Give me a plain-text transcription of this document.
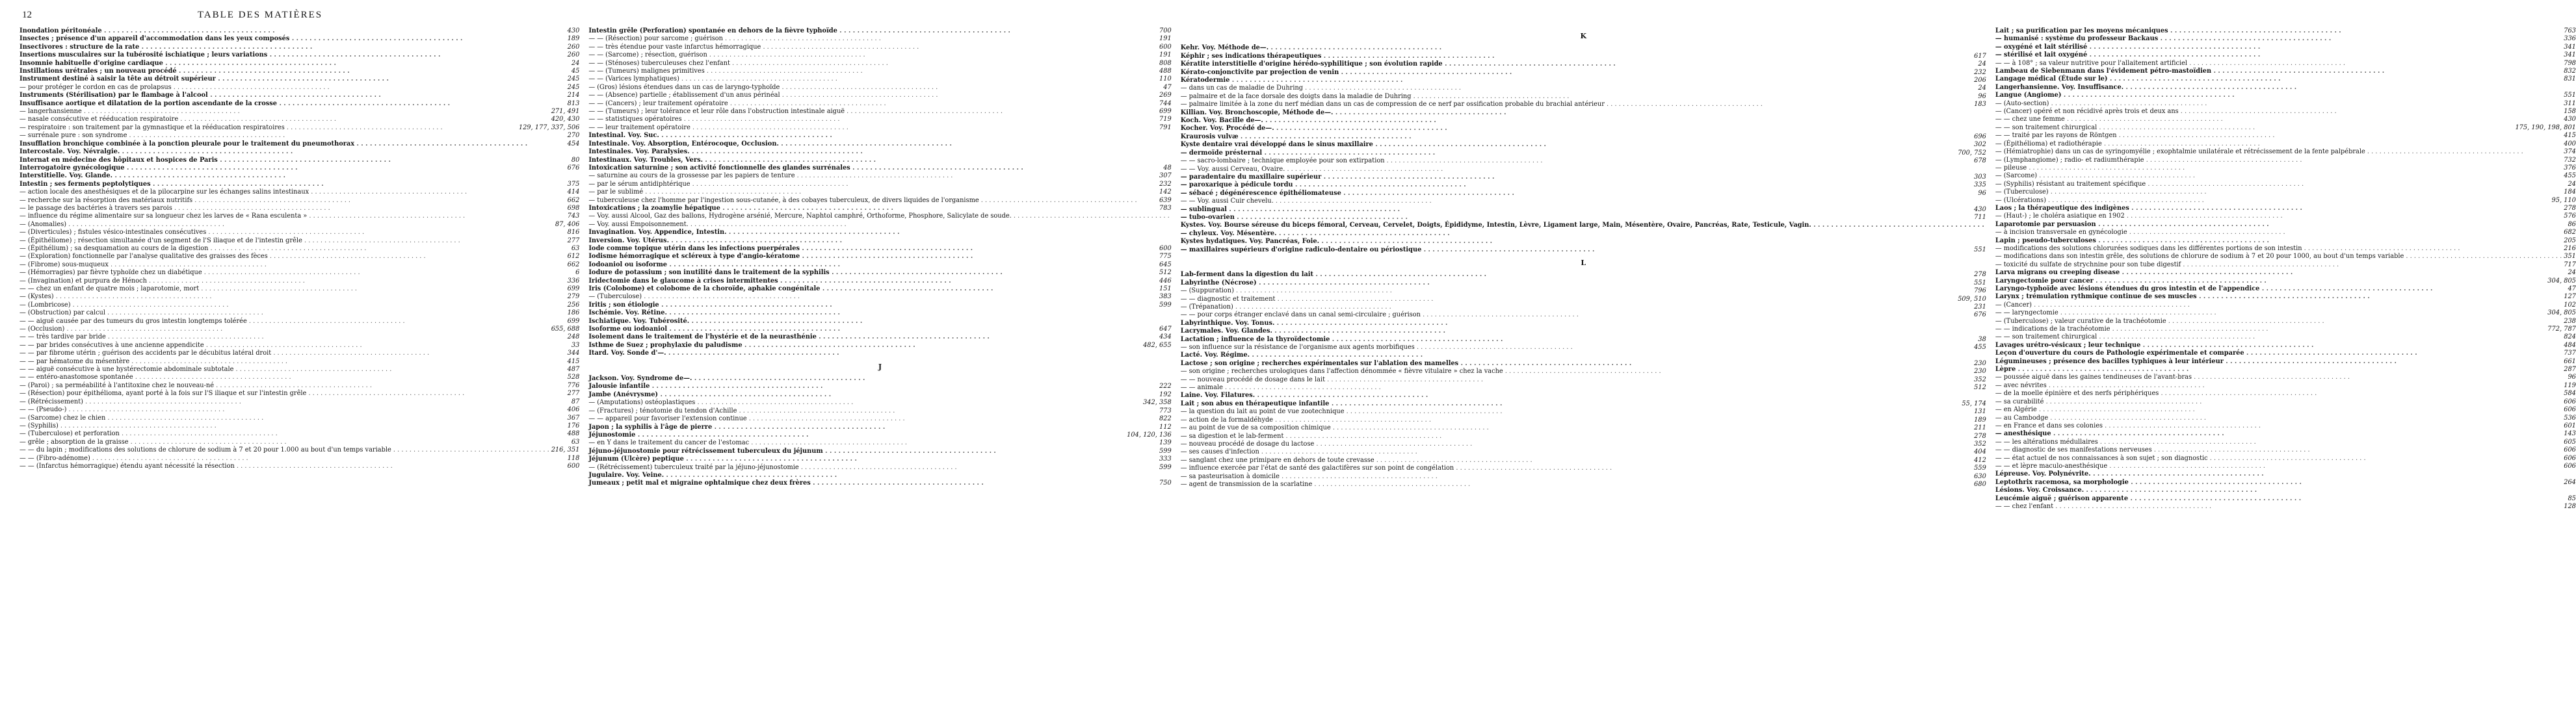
12	TABLE DES MATIÈRES
Inondation péritonéale . . .	430
Insectes ; présence d'un appareil d'accommodation dans les yeux composés . . .	189
Insectivores : structure de la rate . . .	260
Insertions musculaires sur la tubérosité ischiatique ; leurs variations . . .	260
Insomnie habituelle d'origine cardiaque . . .	24
Instillations urétrales ; un nouveau procédé . . .	45
Instrument destiné à saisir la tête au détroit supérieur . . .	245
— pour protéger le cordon en cas de prolapsus . . .	245
Instruments (Stérilisation) par le flambage à l'alcool . . .	214
Insuffisance aortique et dilatation de la portion ascendante de la crosse . . .	813
— langerhansienne . . .	271, 491
— nasale consécutive et rééducation respiratoire . . .	420, 430
— respiratoire : son traitement par la gymnastique et la rééducation respiratoires . . .	129, 177, 337, 506
— surrénale pure : son syndrome . . .	270
Insufflation bronchique combinée à la ponction pleurale pour le traitement du pneumothorax . . .	454
Intercostale. Voy. Névralgie. . . .
Internat en médecine des hôpitaux et hospices de Paris . . .	80
Interrogatoire gynécologique . . .	676
Interstitielle. Voy. Glande. . . .
Intestin ; ses ferments peptolytiques . . .	375
— action locale des anesthésiques et de la pilocarpine sur les échanges salins intestinaux . . .	414
— recherche sur la résorption des matériaux nutritifs . . .	662
— le passage des bactéries à travers ses parois . . .	698
— influence du régime alimentaire sur sa longueur chez les larves de « Rana esculenta » . . .	743
— (Anomalies) . . .	87, 406
— (Diverticules) ; fistules vésico-intestinales consécutives . . .	816
— (Épithéliome) ; résection simultanée d'un segment de l'S iliaque et de l'intestin grêle . . .	277
— (Épithélium) ; sa desquamation au cours de la digestion . . .	63
— (Exploration) fonctionnelle par l'analyse qualitative des graisses des fèces . . .	612
— (Fibrome) sous-muqueux . . .	662
— (Hémorragies) par fièvre typhoïde chez un diabétique . . .	6
— (Invagination) et purpura de Hénoch . . .	336
— — chez un enfant de quatre mois ; laparotomie, mort . . .	699
— (Kystes) . . .	279
— (Lombricose) . . .	256
— (Obstruction) par calcul . . .	186
— — aiguë causée par des tumeurs du gros intestin longtemps tolérée . . .	699
— (Occlusion) . . .	655, 688
— — très tardive par bride . . .	248
— — par brides consécutives à une ancienne appendicite . . .	33
— — par fibrome utérin ; guérison des accidents par le décubitus latéral droit . . .	344
— — par hématome du mésentère . . .	415
— — aiguë consécutive à une hystérectomie abdominale subtotale . . .	487
— — entéro-anastomose spontanée . . .	528
— (Paroi) ; sa perméabilité à l'antitoxine chez le nouveau-né . . .	776
— (Résection) pour épithélioma, ayant porté à la fois sur l'S iliaque et sur l'intestin grêle . . .	277
— (Rétrécissement) . . .	87
— — (Pseudo-) . . .	406
— (Sarcome) chez le chien . . .	367
— (Syphilis) . . .	176
— (Tuberculose) et perforation . . .	488
— grêle ; absorption de la graisse . . .	63
— — du lapin ; modifications des solutions de chlorure de sodium à 7 et 20 pour 1.000 au bout d'un temps variable . . .	216, 351
— — (Fibro-adénome) . . .	118
— — (Infarctus hémorragique) étendu ayant nécessité la résection . . .	600
Intestin grêle (Perforation) spontanée en dehors de la fièvre typhoïde . . .	700
— — (Résection) pour sarcome ; guérison . . .	191
— — très étendue pour vaste infarctus hémorragique . . .	600
— — (Sarcome) ; résection, guérison . . .	191
— — (Sténoses) tuberculeuses chez l'enfant . . .	808
— — (Tumeurs) malignes primitives . . .	488
— — (Varices lymphatiques) . . .	110
— (Gros) lésions étendues dans un cas de laryngo-typhoïde . . .	47
— — (Absence) partielle ; établissement d'un anus périnéal . . .	269
— — (Cancers) ; leur traitement opératoire . . .	744
— — (Tumeurs) ; leur tolérance et leur rôle dans l'obstruction intestinale aiguë . . .	699
— — statistiques opératoires . . .	719
— — leur traitement opératoire . . .	791
Intestinal. Voy. Suc. . . .
Intestinale. Voy. Absorption, Entérocoque, Occlusion. . . .
Intestinales. Voy. Paralysies. . . .
Intestinaux. Voy. Troubles, Vers. . . .
Intoxication saturnine ; son activité fonctionnelle des glandes surrénales . . .	48
— saturnine au cours de la grossesse par les papiers de tenture . . .	307
— par le sérum antidiphtérique . . .	232
— par le sublimé . . .	142
— tuberculeuse chez l'homme par l'ingestion sous-cutanée, à des cobayes tuberculeux, de divers liquides de l'organisme . . .	639
Intoxications ; la zoamylie hépatique . . .	783
— Voy. aussi Alcool, Gaz des ballons, Hydrogène arsénié, Mercure, Naphtol camphré, Orthoforme, Phosphore, Salicylate de soude. . . .
— Voy. aussi Empoisonnement. . . .
Invagination. Voy. Appendice, Intestin. . . .
Inversion. Voy. Utérus. . . .
Iode comme topique utérin dans les infections puerpérales . . .	600
Iodisme hémorragique et scléreux à type d'angio-kératome . . .	775
Iodoaniol ou isoforme . . .	645
Iodure de potassium ; son inutilité dans le traitement de la syphilis . . .	512
Iridectomie dans le glaucome à crises intermittentes . . .	446
Iris (Colobome) et colobome de la choroïde, aphakie congénitale . . .	151
— (Tuberculose) . . .	383
Iritis ; son étiologie . . .	599
Ischémie. Voy. Rétine. . . .
Ischiatique. Voy. Tubérosité. . . .
Isoforme ou iodoaniol . . .	647
Isolement dans le traitement de l'hystérie et de la neurasthénie . . .	434
Isthme de Suez ; prophylaxie du paludisme . . .	482, 655
Itard. Voy. Sonde d'—. . . .
J
Jackson. Voy. Syndrome de—. . . .
Jalousie infantile . . .	222
Jambe (Anévrysme) . . .	192
— (Amputations) ostéoplastiques . . .	342, 358
— (Fractures) ; ténotomie du tendon d'Achille . . .	773
— — appareil pour favoriser l'extension continue . . .	822
Japon ; la syphilis à l'âge de pierre . . .	112
Jéjunostomie . . .	104, 120, 136
— en Y dans le traitement du cancer de l'estomac . . .	139
Jéjuno-jéjunostomie pour rétrécissement tuberculeux du jéjunum . . .	599
Jéjunum (Ulcère) peptique . . .	333
— (Rétrécissement) tuberculeux traité par la jéjuno-jéjunostomie . . .	599
Jugulaire. Voy. Veine. . . .
Jumeaux ; petit mal et migraine ophtalmique chez deux frères . . .	750
K
Kehr. Voy. Méthode de—. . . .
Képhir ; ses indications thérapeutiques . . .	617
Kératite interstitielle d'origine hérédo-syphilitique ; son évolution rapide . . .	24
Kérato-conjonctivite par projection de venin . . .	232
Kératodermie . . .	206
— dans un cas de maladie de Duhring . . .	24
— palmaire et de la face dorsale des doigts dans la maladie de Duhring . . .	96
— palmaire limitée à la zone du nerf médian dans un cas de compression de ce nerf par ossification probable du brachial antérieur . . .	183
Killian. Voy. Bronchoscopie, Méthode de—. . . .
Koch. Voy. Bacille de—. . . .
Kocher. Voy. Procédé de—. . . .
Kraurosis vulvæ . . .	696
Kyste dentaire vrai développé dans le sinus maxillaire . . .	302
— dermoïde présternal . . .	700, 752
— — sacro-lombaire ; technique employée pour son extirpation . . .	678
— — Voy. aussi Cerveau, Ovaire. . . .
— paradentaire du maxillaire supérieur . . .	303
— paroxarique à pédicule tordu . . .	335
— sébacé ; dégénérescence épithéliomateuse . . .	96
— — Voy. aussi Cuir chevelu. . . .
— sublingual . . .	430
— tubo-ovarien . . .	711
Kystes. Voy. Bourse séreuse du biceps fémoral, Cerveau, Cervelet, Doigts, Épididyme, Intestin, Lèvre, Ligament large, Main, Mésentère, Ovaire, Pancréas, Rate, Testicule, Vagin. . . .
— chyleux. Voy. Mésentère. . . .
Kystes hydatiques. Voy. Pancréas, Foie. . . .
— maxillaires supérieurs d'origine radiculo-dentaire ou périostique . . .	551
L
Lab-ferment dans la digestion du lait . . .	278
Labyrinthe (Nécrose) . . .	551
— (Suppuration) . . .	796
— — diagnostic et traitement . . .	509, 510
— (Trépanation) . . .	231
— — pour corps étranger enclavé dans un canal semi-circulaire ; guérison . . .	676
Labyrinthique. Voy. Tonus. . . .
Lacrymales. Voy. Glandes. . . .
Lactation ; influence de la thyroïdectomie . . .	38
— son influence sur la résistance de l'organisme aux agents morbifiques . . .	455
Lacté. Voy. Régime. . . .
Lactose ; son origine ; recherches expérimentales sur l'ablation des mamelles . . .	230
— son origine ; recherches urologiques dans l'affection dénommée « fièvre vitulaire » chez la vache . . .	230
— — nouveau procédé de dosage dans le lait . . .	352
— — animale . . .	512
Laine. Voy. Filatures. . . .
Lait ; son abus en thérapeutique infantile . . .	55, 174
— la question du lait au point de vue zootechnique . . .	131
— action de la formaldéhyde . . .	189
— au point de vue de sa composition chimique . . .	211
— sa digestion et le lab-ferment . . .	278
— nouveau procédé de dosage du lactose . . .	352
— ses causes d'infection . . .	404
— sanglant chez une primipare en dehors de toute crevasse . . .	412
— influence exercée par l'état de santé des galactifères sur son point de congélation . . .	559
— sa pasteurisation à domicile . . .	630
— agent de transmission de la scarlatine . . .	680
Lait ; sa purification par les moyens mécaniques . . .	763
— humanisé : système du professeur Backaus . . .	336
— oxygéné et lait stérilisé . . .	341
— stérilisé et lait oxygéné . . .	341
— — à 108° ; sa valeur nutritive pour l'allaitement artificiel . . .	798
Lambeau de Siebenmann dans l'évidement pétro-mastoïdien . . .	832
Langage médical (Étude sur le) . . .	831
Langerhansienne. Voy. Insuffisance. . . .
Langue (Angiome) . . .	551
— (Auto-section) . . .	311
— (Cancer) opéré et non récidivé après trois et deux ans . . .	158
— — chez une femme . . .	430
— — son traitement chirurgical . . .	175, 190, 198, 801
— — traité par les rayons de Röntgen . . .	415
— (Épithélioma) et radiothérapie . . .	400
— (Hémiatrophie) dans un cas de syringomyélie ; exophtalmie unilatérale et rétrécissement de la fente palpébrale . . .	374
— (Lymphangiome) ; radio- et radiumthérapie . . .	732
— pileuse . . .	376
— (Sarcome) . . .	455
— (Syphilis) résistant au traitement spécifique . . .	24
— (Tuberculose) . . .	184
— (Ulcérations) . . .	95, 110
Laos ; la thérapeutique des indigènes . . .	278
— (Haut-) ; le choléra asiatique en 1902 . . .	576
Laparotomie par persuasion . . .	86
— à incision transversale en gynécologie . . .	682
Lapin ; pseudo-tuberculoses . . .	205
— modifications des solutions chlorurées sodiques dans les différentes portions de son intestin . . .	216
— modifications dans son intestin grêle, des solutions de chlorure de sodium à 7 et 20 pour 1000, au bout d'un temps variable . . .	351
— toxicité du sulfate de strychnine pour son tube digestif . . .	717
Larva migrans ou creeping disease . . .	24
Laryngectomie pour cancer . . .	304, 805
Laryngo-typhoïde avec lésions étendues du gros intestin et de l'appendice . . .	47
Larynx ; trémulation rythmique continue de ses muscles . . .	127
— (Cancer) . . .	102
— — laryngectomie . . .	304, 805
— (Tuberculose) ; valeur curative de la trachéotomie . . .	238
— — indications de la trachéotomie . . .	772, 787
— — son traitement chirurgical . . .	824
Lavages urétro-vésicaux ; leur technique . . .	484
Leçon d'ouverture du cours de Pathologie expérimentale et comparée . . .	737
Légumineuses ; présence des bacilles typhiques à leur intérieur . . .	661
Lèpre . . .	287
— poussée aiguë dans les gaines tendineuses de l'avant-bras . . .	96
— avec névrites . . .	119
— de la moelle épinière et des nerfs périphériques . . .	584
— sa curabilité . . .	606
— en Algérie . . .	606
— au Cambodge . . .	536
— en France et dans ses colonies . . .	601
— anesthésique . . .	143
— — les altérations médullaires . . .	605
— — diagnostic de ses manifestations nerveuses . . .	606
— — état actuel de nos connaissances à son sujet ; son diagnostic . . .	606
— — et lèpre maculo-anesthésique . . .	606
Lépreuse. Voy. Polynévrite. . . .
Leptothrix racemosa, sa morphologie . . .	264
Lésions. Voy. Croissance. . . .
Leucémie aiguë ; guérison apparente . . .	85
— — chez l'enfant . . .	128
